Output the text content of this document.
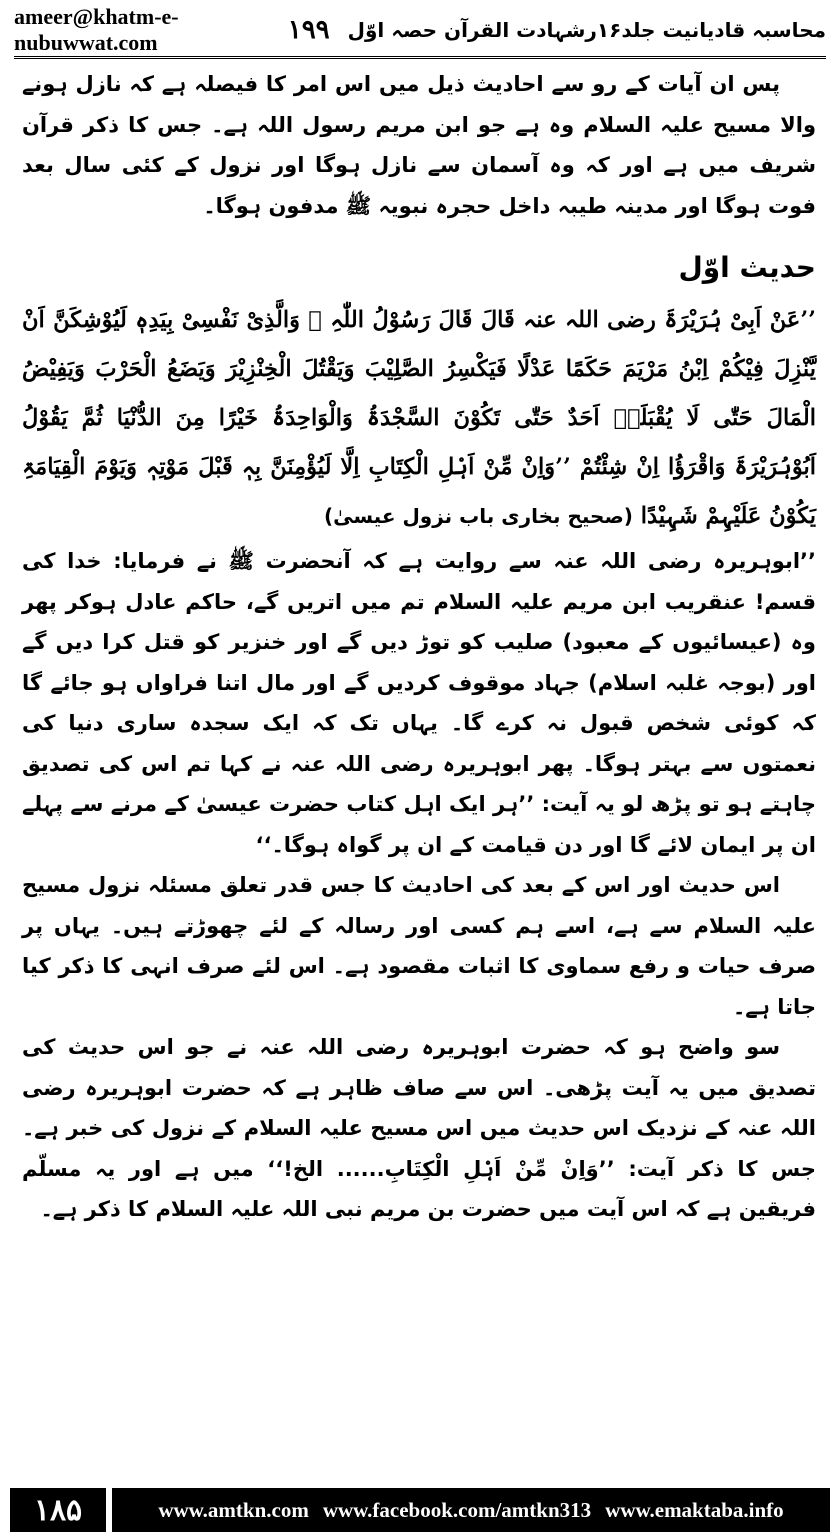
ameer@khatm-e-nubuwwat.com	۱۹۹ محاسبہ قادیانیت جلد۱۶رشہادت القرآن حصہ اوّل

پس ان آیات کے رو سے احادیث ذیل میں اس امر کا فیصلہ ہے کہ نازل ہونے والا مسیح علیہ السلام وہ ہے جو ابن مریم رسول اللہ ہے۔ جس کا ذکر قرآن شریف میں ہے اور کہ وہ آسمان سے نازل ہوگا اور نزول کے کئی سال بعد فوت ہوگا اور مدینہ طیبہ داخل حجرہ نبویہ ﷺ مدفون ہوگا۔

حدیث اوّل

’’عَنْ اَبِیْ ہُرَیْرَۃَ رضی اللہ عنہ قَالَ قَالَ رَسُوْلُ اللّٰہِ ﷺ وَالَّذِیْ نَفْسِیْ بِیَدِہٖ لَیُوْشِکَنَّ اَنْ یَّنْزِلَ فِیْکُمْ اِبْنُ مَرْیَمَ حَکَمًا عَدْلًا فَیَکْسِرُ الصَّلِیْبَ وَیَقْتُلَ الْخِنْزِیْرَ وَیَضَعُ الْحَرْبَ وَیَفِیْضُ الْمَالَ حَتّٰی لَا یُقْبَلَہٗ اَحَدٌ حَتّٰی تَکُوْنَ السَّجْدَۃُ وَالْوَاحِدَۃُ خَیْرًا مِنَ الدُّنْیَا ثُمَّ یَقُوْلُ اَبُوْہُرَیْرَۃَ وَاقْرَؤُا اِنْ شِئْتُمْ ’’وَاِنْ مِّنْ اَہْلِ الْکِتَابِ اِلَّا لَیُؤْمِنَنَّ بِہٖ قَبْلَ مَوْتِہٖ وَیَوْمَ الْقِیَامَۃِ یَکُوْنُ عَلَیْہِمْ شَہِیْدًا (صحیح بخاری باب نزول عیسیٰ)

’’ابوہریرہ رضی اللہ عنہ سے روایت ہے کہ آنحضرت ﷺ نے فرمایا: خدا کی قسم! عنقریب ابن مریم علیہ السلام تم میں اتریں گے، حاکم عادل ہوکر پھر وہ (عیسائیوں کے معبود) صلیب کو توڑ دیں گے اور خنزیر کو قتل کرا دیں گے اور (بوجہ غلبہ اسلام) جہاد موقوف کردیں گے اور مال اتنا فراواں ہو جائے گا کہ کوئی شخص قبول نہ کرے گا۔ یہاں تک کہ ایک سجدہ ساری دنیا کی نعمتوں سے بہتر ہوگا۔ پھر ابوہریرہ رضی اللہ عنہ نے کہا تم اس کی تصدیق چاہتے ہو تو پڑھ لو یہ آیت: ’’ہر ایک اہل کتاب حضرت عیسیٰ کے مرنے سے پہلے ان پر ایمان لائے گا اور دن قیامت کے ان پر گواہ ہوگا۔‘‘

اس حدیث اور اس کے بعد کی احادیث کا جس قدر تعلق مسئلہ نزول مسیح علیہ السلام سے ہے، اسے ہم کسی اور رسالہ کے لئے چھوڑتے ہیں۔ یہاں پر صرف حیات و رفع سماوی کا اثبات مقصود ہے۔ اس لئے صرف انہی کا ذکر کیا جاتا ہے۔

سو واضح ہو کہ حضرت ابوہریرہ رضی اللہ عنہ نے جو اس حدیث کی تصدیق میں یہ آیت پڑھی۔ اس سے صاف ظاہر ہے کہ حضرت ابوہریرہ رضی اللہ عنہ کے نزدیک اس حدیث میں اس مسیح علیہ السلام کے نزول کی خبر ہے۔ جس کا ذکر آیت: ’’وَاِنْ مِّنْ اَہْلِ الْکِتَابِ...... الخ!‘‘ میں ہے اور یہ مسلّم فریقین ہے کہ اس آیت میں حضرت بن مریم نبی اللہ علیہ السلام کا ذکر ہے۔

۱۸۵	www.amtkn.com www.facebook.com/amtkn313 www.emaktaba.info
